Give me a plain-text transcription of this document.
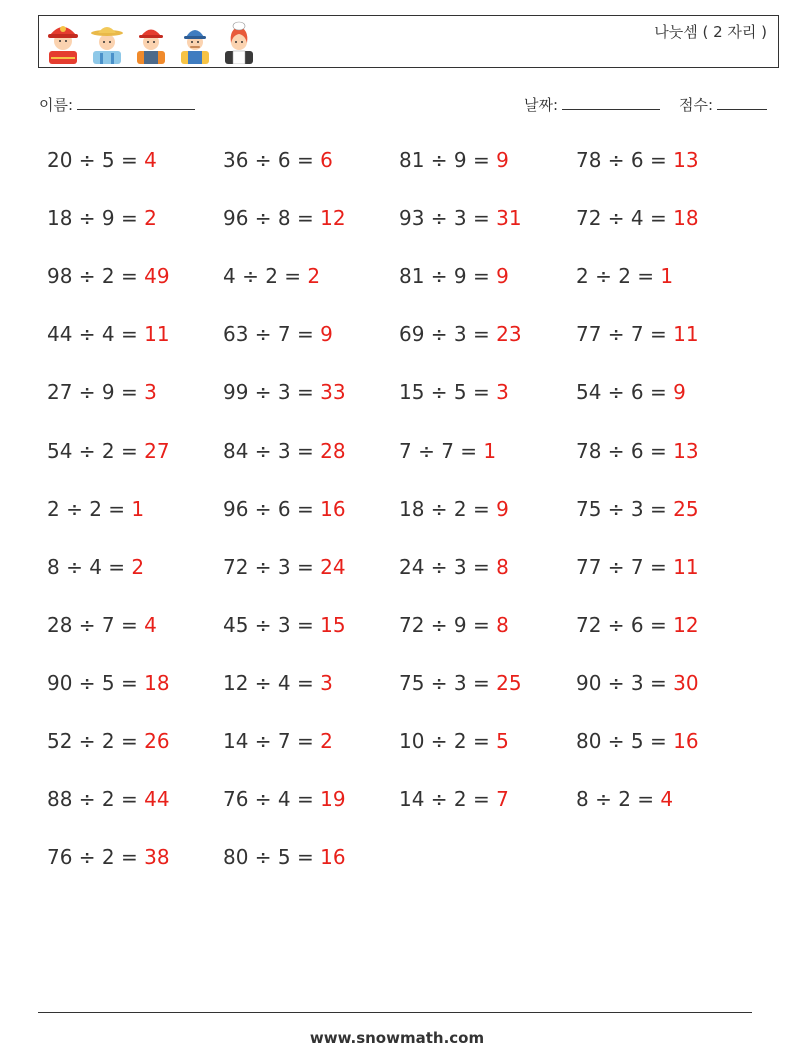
나눗셈 ( 2 자리 )
이름:	날짜:	점수:
20 ÷ 5 = 4	36 ÷ 6 = 6	81 ÷ 9 = 9	78 ÷ 6 = 13
18 ÷ 9 = 2	96 ÷ 8 = 12	93 ÷ 3 = 31	72 ÷ 4 = 18
98 ÷ 2 = 49	4 ÷ 2 = 2	81 ÷ 9 = 9	2 ÷ 2 = 1
44 ÷ 4 = 11	63 ÷ 7 = 9	69 ÷ 3 = 23	77 ÷ 7 = 11
27 ÷ 9 = 3	99 ÷ 3 = 33	15 ÷ 5 = 3	54 ÷ 6 = 9
54 ÷ 2 = 27	84 ÷ 3 = 28	7 ÷ 7 = 1	78 ÷ 6 = 13
2 ÷ 2 = 1	96 ÷ 6 = 16	18 ÷ 2 = 9	75 ÷ 3 = 25
8 ÷ 4 = 2	72 ÷ 3 = 24	24 ÷ 3 = 8	77 ÷ 7 = 11
28 ÷ 7 = 4	45 ÷ 3 = 15	72 ÷ 9 = 8	72 ÷ 6 = 12
90 ÷ 5 = 18	12 ÷ 4 = 3	75 ÷ 3 = 25	90 ÷ 3 = 30
52 ÷ 2 = 26	14 ÷ 7 = 2	10 ÷ 2 = 5	80 ÷ 5 = 16
88 ÷ 2 = 44	76 ÷ 4 = 19	14 ÷ 2 = 7	8 ÷ 2 = 4
76 ÷ 2 = 38	80 ÷ 5 = 16
www.snowmath.com
